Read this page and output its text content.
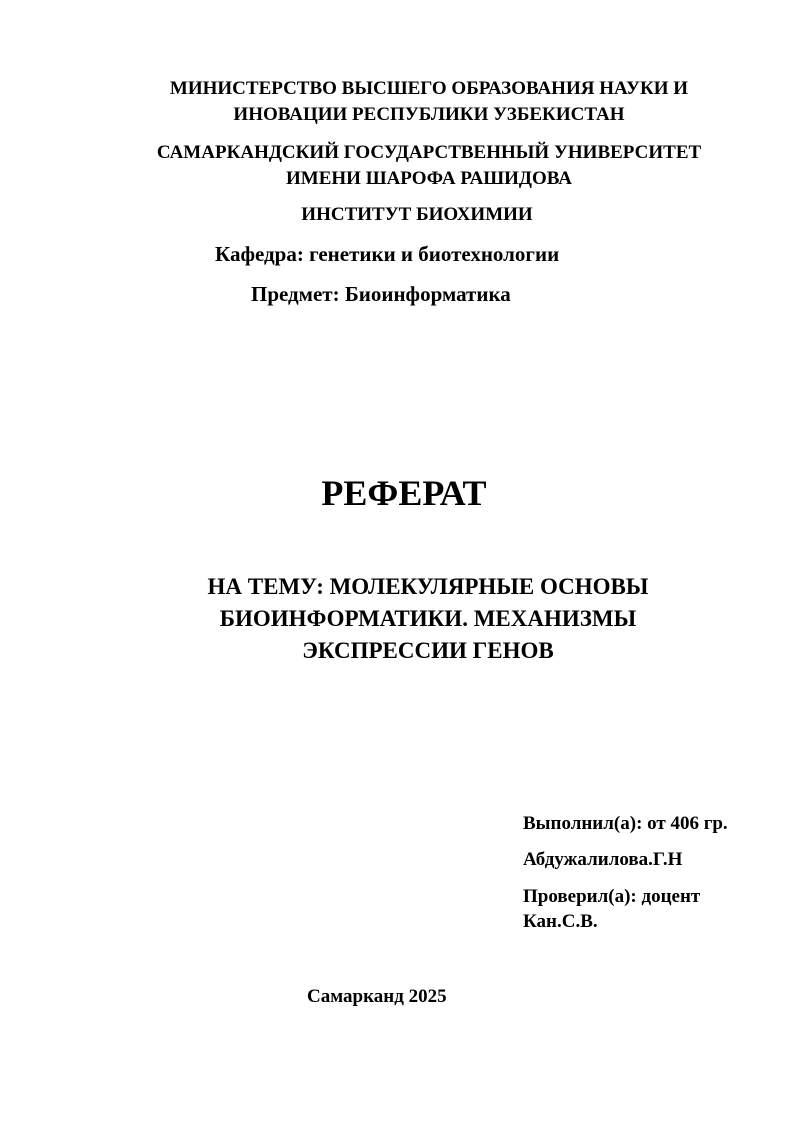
МИНИСТЕРСТВО ВЫСШЕГО ОБРАЗОВАНИЯ НАУКИ И
ИНОВАЦИИ РЕСПУБЛИКИ УЗБЕКИСТАН
САМАРКАНДСКИЙ ГОСУДАРСТВЕННЫЙ УНИВЕРСИТЕТ
ИМЕНИ ШАРОФА РАШИДОВА
ИНСТИТУТ БИОХИМИИ
Кафедра: генетики и биотехнологии
Предмет: Биоинформатика
РЕФЕРАТ
НА ТЕМУ: МОЛЕКУЛЯРНЫЕ ОСНОВЫ
БИОИНФОРМАТИКИ. МЕХАНИЗМЫ
ЭКСПРЕССИИ ГЕНОВ
Выполнил(а): от 406 гр.
Абдужалилова.Г.Н
Проверил(а): доцент
Кан.С.В.
Самарканд 2025
